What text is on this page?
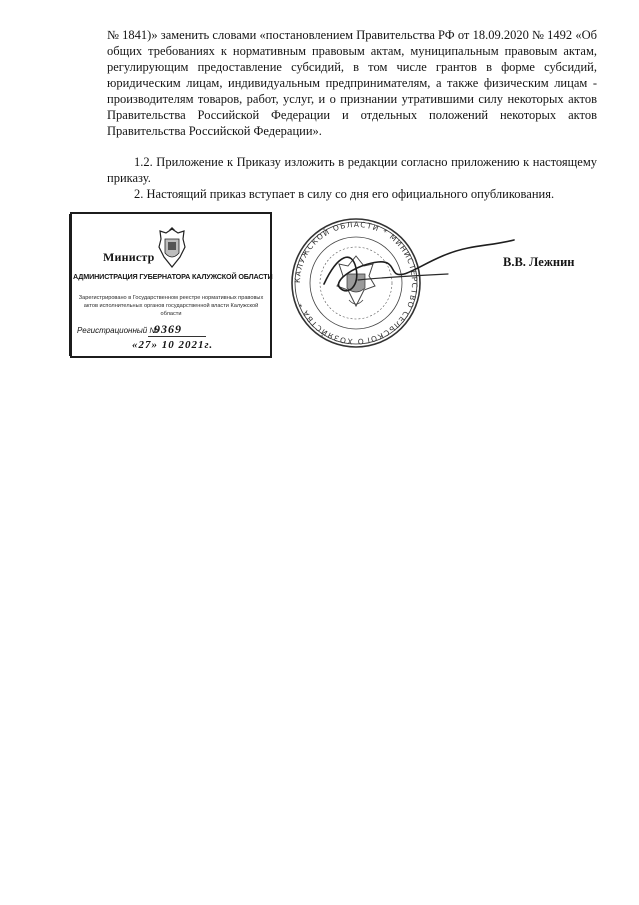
№ 1841)» заменить словами «постановлением Правительства РФ от 18.09.2020 № 1492 «Об общих требованиях к нормативным правовым актам, муниципальным правовым актам, регулирующим предоставление субсидий, в том числе грантов в форме субсидий, юридическим лицам, индивидуальным предпринимателям, а также физическим лицам - производителям товаров, работ, услуг, и о признании утратившими силу некоторых актов Правительства Российской Федерации и отдельных положений некоторых актов Правительства Российской Федерации».

1.2. Приложение к Приказу изложить в редакции согласно приложению к настоящему приказу.

2. Настоящий приказ вступает в силу со дня его официального опубликования.

Министр
АДМИНИСТРАЦИЯ ГУБЕРНАТОРА КАЛУЖСКОЙ ОБЛАСТИ
Зарегистрировано в Государственном реестре нормативных правовых актов исполнительных органов государственной власти Калужской области
Регистрационный №
9369
«27» 10 2021г.
КАЛУЖСКОЙ ОБЛАСТИ * МИНИСТЕРСТВО СЕЛЬСКОГО ХОЗЯЙСТВА *
В.В. Лежнин
